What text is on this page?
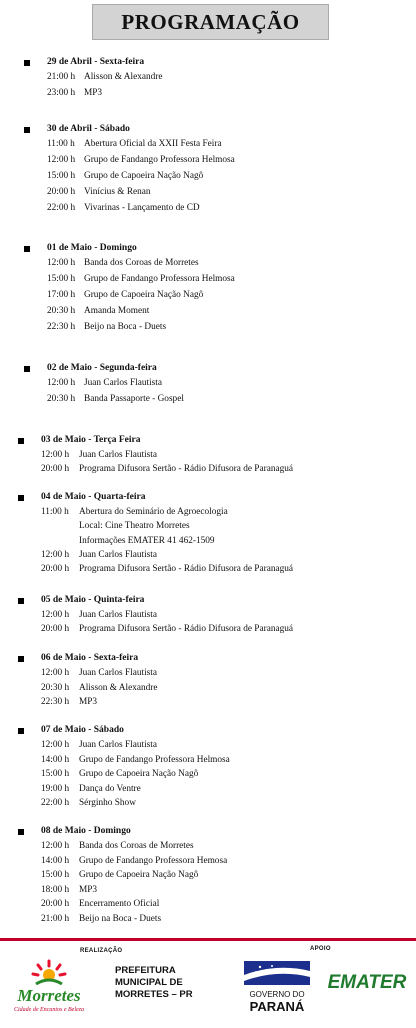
PROGRAMAÇÃO
29 de Abril - Sexta-feira
21:00 h Alisson & Alexandre
23:00 h MP3
30 de Abril - Sábado
11:00 h Abertura Oficial da XXII Festa Feira
12:00 h Grupo de Fandango Professora Helmosa
15:00 h Grupo de Capoeira Nação Nagô
20:00 h Vinícius & Renan
22:00 h Vivarinas - Lançamento de CD
01 de Maio - Domingo
12:00 h Banda dos Coroas de Morretes
15:00 h Grupo de Fandango Professora Helmosa
17:00 h Grupo de Capoeira Nação Nagô
20:30 h Amanda Moment
22:30 h Beijo na Boca - Duets
02 de Maio - Segunda-feira
12:00 h Juan Carlos Flautista
20:30 h Banda Passaporte - Gospel
03 de Maio - Terça Feira
12:00 h Juan Carlos Flautista
20:00 h Programa Difusora Sertão - Rádio Difusora de Paranaguá
04 de Maio - Quarta-feira
11:00 h Abertura do Seminário de Agroecologia
Local: Cine Theatro Morretes
Informações EMATER 41 462-1509
12:00 h Juan Carlos Flautista
20:00 h Programa Difusora Sertão - Rádio Difusora de Paranaguá
05 de Maio - Quinta-feira
12:00 h Juan Carlos Flautista
20:00 h Programa Difusora Sertão - Rádio Difusora de Paranaguá
06 de Maio - Sexta-feira
12:00 h Juan Carlos Flautista
20:30 h Alisson & Alexandre
22:30 h MP3
07 de Maio - Sábado
12:00 h Juan Carlos Flautista
14:00 h Grupo de Fandango Professora Helmosa
15:00 h Grupo de Capoeira Nação Nagô
19:00 h Dança do Ventre
22:00 h Sérginho Show
08 de Maio - Domingo
12:00 h Banda dos Coroas de Morretes
14:00 h Grupo de Fandango Professora Hemosa
15:00 h Grupo de Capoeira Nação Nagô
18:00 h MP3
20:00 h Encerramento Oficial
21:00 h Beijo na Boca - Duets
REALIZAÇÃO	APOIO
Morretes
Cidade de Encantos e Beleza
PREFEITURA
MUNICIPAL DE
MORRETES – PR	GOVERNO DO
PARANÁ
EMATER
